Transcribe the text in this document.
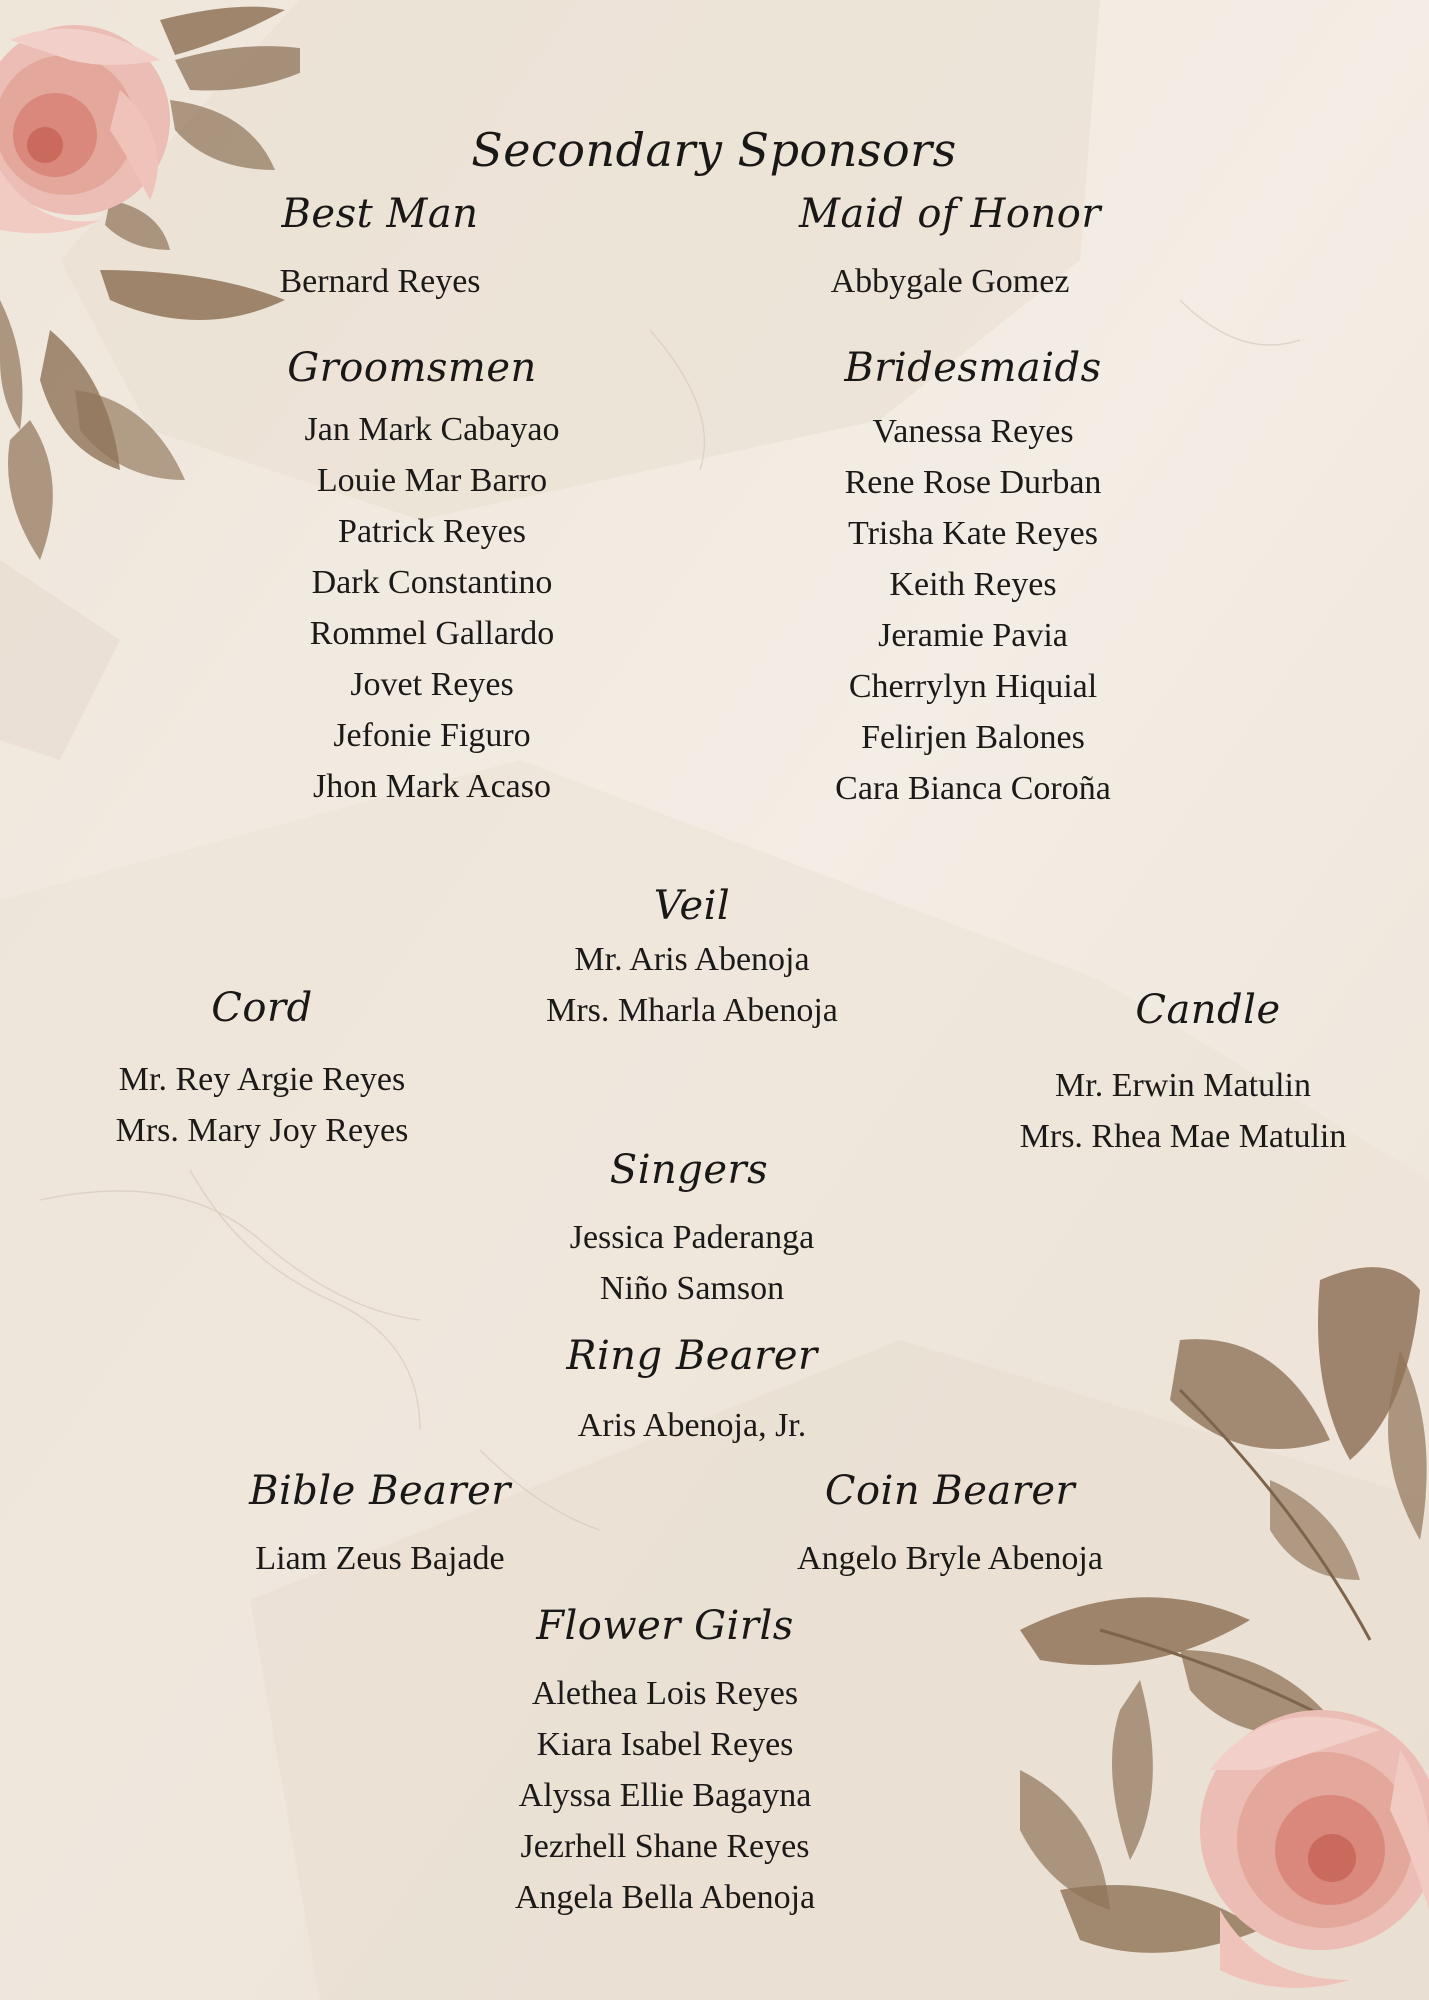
Secondary Sponsors
Best Man
Bernard Reyes
Maid of Honor
Abbygale Gomez
Groomsmen
Jan Mark Cabayao
Louie Mar Barro
Patrick Reyes
Dark Constantino
Rommel Gallardo
Jovet Reyes
Jefonie Figuro
Jhon Mark Acaso
Bridesmaids
Vanessa Reyes
Rene Rose Durban
Trisha Kate Reyes
Keith Reyes
Jeramie Pavia
Cherrylyn Hiquial
Felirjen Balones
Cara Bianca Coroña
Veil
Mr. Aris Abenoja
Mrs. Mharla Abenoja
Cord
Mr. Rey Argie Reyes
Mrs. Mary Joy Reyes
Candle
Mr. Erwin Matulin
Mrs. Rhea Mae Matulin
Singers
Jessica Paderanga
Niño Samson
Ring Bearer
Aris Abenoja, Jr.
Bible Bearer
Liam Zeus Bajade
Coin Bearer
Angelo Bryle Abenoja
Flower Girls
Alethea Lois Reyes
Kiara Isabel Reyes
Alyssa Ellie Bagayna
Jezrhell Shane Reyes
Angela Bella Abenoja
